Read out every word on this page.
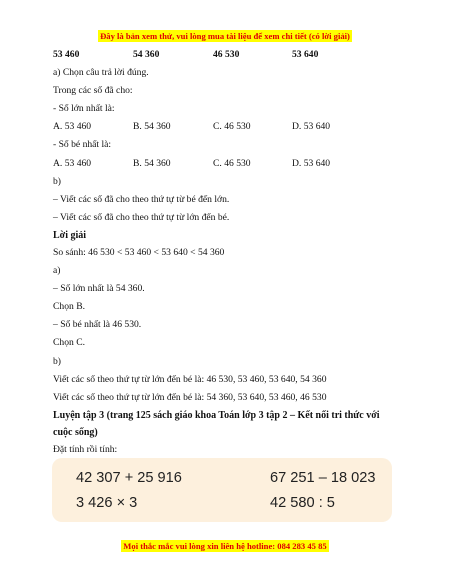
Đây là bản xem thử, vui lòng mua tài liệu để xem chi tiết (có lời giải)
53 460	54 360	46 530	53 640
a) Chọn câu trả lời đúng.
Trong các số đã cho:
- Số lớn nhất là:
A. 53 460	B. 54 360	C. 46 530	D. 53 640
- Số bé nhất là:
A. 53 460	B. 54 360	C. 46 530	D. 53 640
b)
– Viết các số đã cho theo thứ tự từ bé đến lớn.
– Viết các số đã cho theo thứ tự từ lớn đến bé.
Lời giải
So sánh: 46 530 < 53 460 < 53 640 < 54 360
a)
– Số lớn nhất là 54 360.
Chọn B.
– Số bé nhất là 46 530.
Chọn C.
b)
Viết các số theo thứ tự từ lớn đến bé là: 46 530, 53 460, 53 640, 54 360
Viết các số theo thứ tự từ lớn đến bé là: 54 360, 53 640, 53 460, 46 530
Luyện tập 3 (trang 125 sách giáo khoa Toán lớp 3 tập 2 – Kết nối tri thức với
cuộc sống)
Đặt tính rồi tính:
42 307 + 25 916	67 251 – 18 023
3 426 × 3	42 580 : 5
Mọi thắc mắc vui lòng xin liên hệ hotline: 084 283 45 85
